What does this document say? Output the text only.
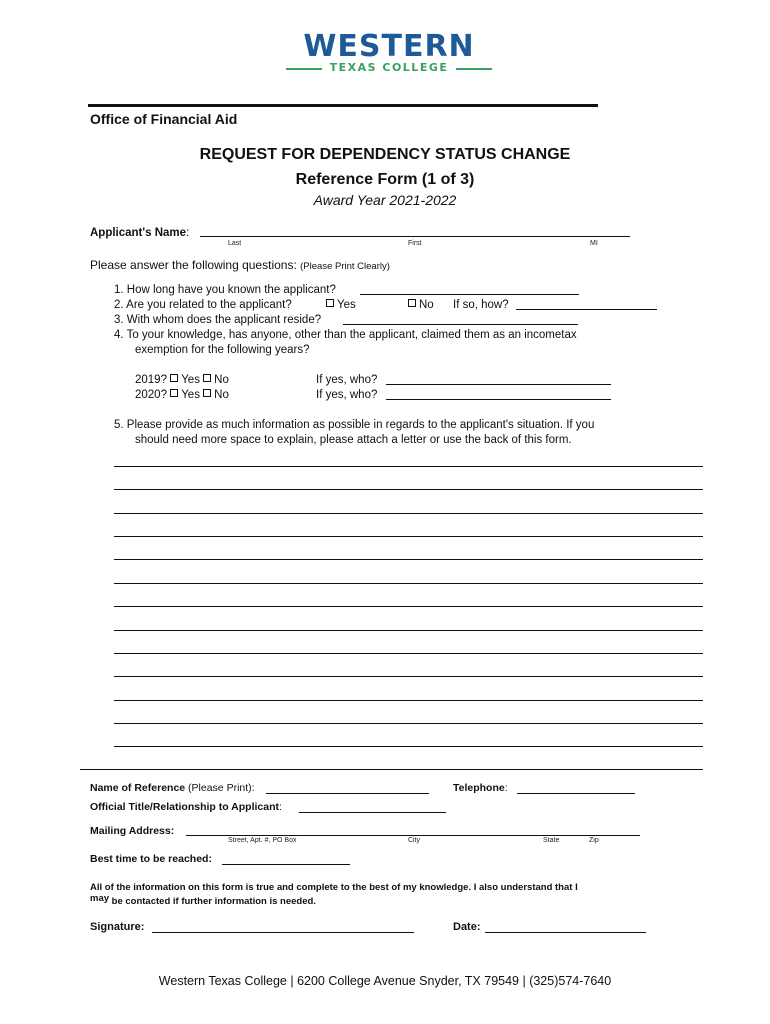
WESTERN
TEXAS COLLEGE
Office of Financial Aid
REQUEST FOR DEPENDENCY STATUS CHANGE
Reference Form (1 of 3)
Award Year 2021-2022
Applicant's Name:
Last	First	MI
Please answer the following questions: (Please Print Clearly)
1. How long have you known the applicant?
2. Are you related to the applicant?	Yes	No If so, how?
3. With whom does the applicant reside?
4. To your knowledge, has anyone, other than the applicant, claimed them as an incometax
exemption for the following years?
2019? Yes No	If yes, who?
2020? Yes No	If yes, who?
5. Please provide as much information as possible in regards to the applicant's situation. If you
should need more space to explain, please attach a letter or use the back of this form.
Name of Reference (Please Print):	Telephone:
Official Title/Relationship to Applicant:
Mailing Address:
Street, Apt. #, PO Box	City	State	Zip
Best time to be reached:
All of the information on this form is true and complete to the best of my knowledge. I also understand that I
may be contacted if further information is needed.
Signature:	Date:
Western Texas College | 6200 College Avenue Snyder, TX 79549 | (325)574-7640
